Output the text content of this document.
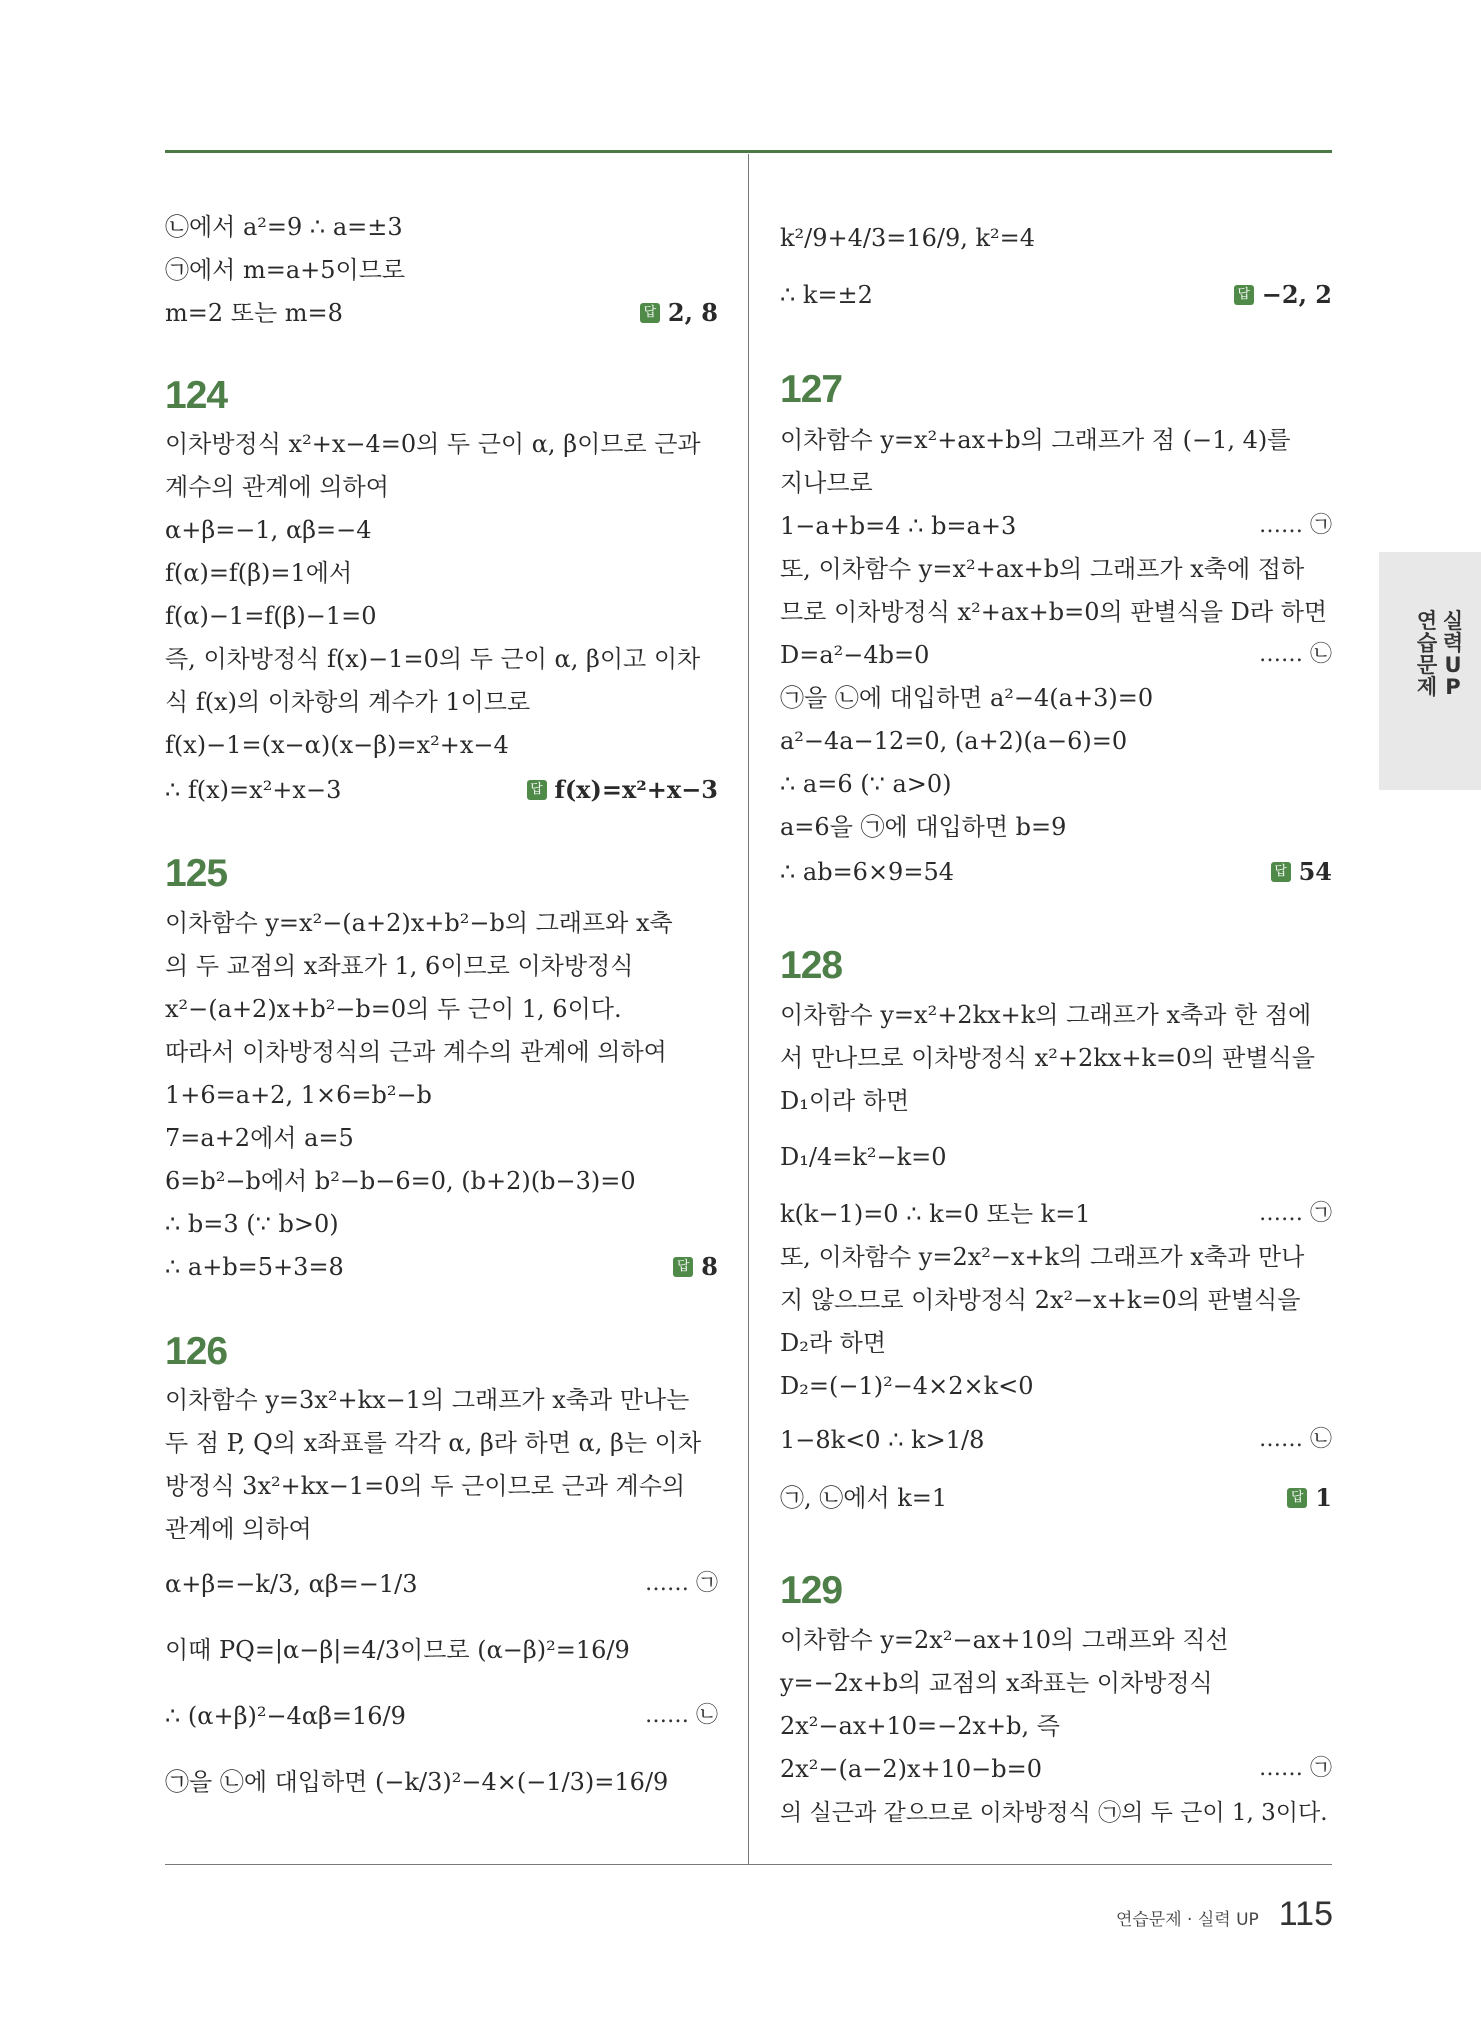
㉡에서 a²=9 ∴ a=±3
㉠에서 m=a+5이므로
m=2 또는 m=8	답 2, 8
124
이차방정식 x²+x−4=0의 두 근이 α, β이므로 근과
계수의 관계에 의하여
α+β=−1, αβ=−4
f(α)=f(β)=1에서
f(α)−1=f(β)−1=0
즉, 이차방정식 f(x)−1=0의 두 근이 α, β이고 이차
식 f(x)의 이차항의 계수가 1이므로
f(x)−1=(x−α)(x−β)=x²+x−4
∴ f(x)=x²+x−3	답 f(x)=x²+x−3
125
이차함수 y=x²−(a+2)x+b²−b의 그래프와 x축
의 두 교점의 x좌표가 1, 6이므로 이차방정식
x²−(a+2)x+b²−b=0의 두 근이 1, 6이다.
따라서 이차방정식의 근과 계수의 관계에 의하여
1+6=a+2, 1×6=b²−b
7=a+2에서 a=5
6=b²−b에서 b²−b−6=0, (b+2)(b−3)=0
∴ b=3 (∵ b>0)
∴ a+b=5+3=8	답 8
126
이차함수 y=3x²+kx−1의 그래프가 x축과 만나는
두 점 P, Q의 x좌표를 각각 α, β라 하면 α, β는 이차
방정식 3x²+kx−1=0의 두 근이므로 근과 계수의
관계에 의하여
α+β=−k/3, αβ=−1/3	…… ㉠
이때 PQ=|α−β|=4/3이므로 (α−β)²=16/9
∴ (α+β)²−4αβ=16/9	…… ㉡
㉠을 ㉡에 대입하면 (−k/3)²−4×(−1/3)=16/9
k²/9+4/3=16/9, k²=4
∴ k=±2	답 −2, 2
127
이차함수 y=x²+ax+b의 그래프가 점 (−1, 4)를
지나므로
1−a+b=4 ∴ b=a+3	…… ㉠
또, 이차함수 y=x²+ax+b의 그래프가 x축에 접하
므로 이차방정식 x²+ax+b=0의 판별식을 D라 하면
D=a²−4b=0	…… ㉡
㉠을 ㉡에 대입하면 a²−4(a+3)=0
a²−4a−12=0, (a+2)(a−6)=0
∴ a=6 (∵ a>0)
a=6을 ㉠에 대입하면 b=9
∴ ab=6×9=54	답 54
128
이차함수 y=x²+2kx+k의 그래프가 x축과 한 점에
서 만나므로 이차방정식 x²+2kx+k=0의 판별식을
D₁이라 하면
D₁/4=k²−k=0
k(k−1)=0 ∴ k=0 또는 k=1	…… ㉠
또, 이차함수 y=2x²−x+k의 그래프가 x축과 만나
지 않으므로 이차방정식 2x²−x+k=0의 판별식을
D₂라 하면
D₂=(−1)²−4×2×k<0
1−8k<0 ∴ k>1/8	…… ㉡
㉠, ㉡에서 k=1	답 1
129
이차함수 y=2x²−ax+10의 그래프와 직선
y=−2x+b의 교점의 x좌표는 이차방정식
2x²−ax+10=−2x+b, 즉
2x²−(a−2)x+10−b=0	…… ㉠
의 실근과 같으므로 이차방정식 ㉠의 두 근이 1, 3이다.
연습문제
실력UP
연습문제 · 실력 UP 115
